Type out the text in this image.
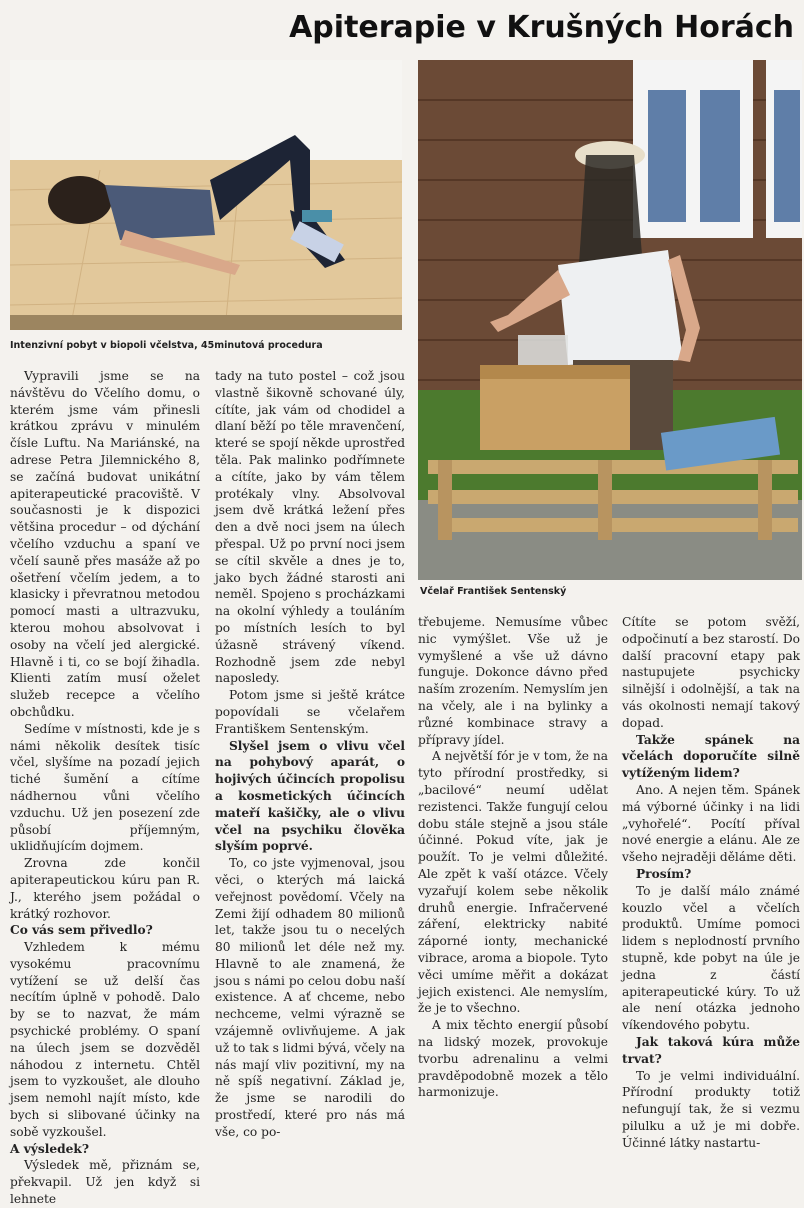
Apiterapie v Krušných Horách
Intenzivní pobyt v biopoli včelstva, 45minutová procedura
Včelař František Sentenský

Vypravili jsme se na návštěvu do Včelího domu, o kterém jsme vám přinesli krátkou zprávu v minulém čísle Luftu. Na Mariánské, na adrese Petra Jilemnického 8, se začíná budovat unikátní apiterapeutické pracoviště. V současnosti je k dispozici většina procedur – od dýchání včelího vzduchu a spaní ve včelí sauně přes masáže až po ošetření včelím jedem, a to klasicky i převratnou metodou pomocí masti a ultrazvuku, kterou mohou absolvovat i osoby na včelí jed alergické. Hlavně i ti, co se bojí žihadla. Klienti zatím musí oželet služeb recepce a včelího obchůdku.

Sedíme v místnosti, kde je s námi několik desítek tisíc včel, slyšíme na pozadí jejich tiché šumění a cítíme nádhernou vůni včelího vzduchu. Už jen posezení zde působí příjemným, uklidňujícím dojmem.

Zrovna zde končil apiterapeutickou kúru pan R. J., kterého jsem požádal o krátký rozhovor.

Co vás sem přivedlo?

Vzhledem k mému vysokému pracovnímu vytížení se už delší čas necítím úplně v pohodě. Dalo by se to nazvat, že mám psychické problémy. O spaní na úlech jsem se dozvěděl náhodou z internetu. Chtěl jsem to vyzkoušet, ale dlouho jsem nemohl najít místo, kde bych si slibované účinky na sobě vyzkoušel.

A výsledek?

Výsledek mě, přiznám se, překvapil. Už jen když si lehnete

tady na tuto postel – což jsou vlastně šikovně schované úly, cítíte, jak vám od chodidel a dlaní běží po těle mravenčení, které se spojí někde uprostřed těla. Pak malinko podřímnete a cítíte, jako by vám tělem protékaly vlny. Absolvoval jsem dvě krátká ležení přes den a dvě noci jsem na úlech přespal. Už po první noci jsem se cítil skvěle a dnes je to, jako bych žádné starosti ani neměl. Spojeno s procházkami na okolní výhledy a touláním po místních lesích to byl úžasně strávený víkend. Rozhodně jsem zde nebyl naposledy.

Potom jsme si ještě krátce popovídali se včelařem Františkem Sentenským.

Slyšel jsem o vlivu včel na pohybový aparát, o hojivých účincích propolisu a kosmetických účincích mateří kašičky, ale o vlivu včel na psychiku člověka slyším poprvé.

To, co jste vyjmenoval, jsou věci, o kterých má laická veřejnost povědomí. Včely na Zemi žijí odhadem 80 milionů let, takže jsou tu o necelých 80 milionů let déle než my. Hlavně to ale znamená, že jsou s námi po celou dobu naší existence. A ať chceme, nebo nechceme, velmi výrazně se vzájemně ovlivňujeme. A jak už to tak s lidmi bývá, včely na nás mají vliv pozitivní, my na ně spíš negativní. Základ je, že jsme se narodili do prostředí, které pro nás má vše, co po-

třebujeme. Nemusíme vůbec nic vymýšlet. Vše už je vymyšlené a vše už dávno funguje. Dokonce dávno před naším zrozením. Nemyslím jen na včely, ale i na bylinky a různé kombinace stravy a přípravy jídel.

A největší fór je v tom, že na tyto přírodní prostředky, si „bacilové“ neumí udělat rezistenci. Takže fungují celou dobu stále stejně a jsou stále účinné. Pokud víte, jak je použít. To je velmi důležité. Ale zpět k vaší otázce. Včely vyzařují kolem sebe několik druhů energie. Infračervené záření, elektricky nabité záporné ionty, mechanické vibrace, aroma a biopole. Tyto věci umíme měřit a dokázat jejich existenci. Ale nemyslím, že je to všechno.

A mix těchto energií působí na lidský mozek, provokuje tvorbu adrenalinu a velmi pravděpodobně mozek a tělo harmonizuje.

Cítíte se potom svěží, odpočinutí a bez starostí. Do další pracovní etapy pak nastupujete psychicky silnější i odolnější, a tak na vás okolnosti nemají takový dopad.

Takže spánek na včelách doporučíte silně vytíženým lidem?

Ano. A nejen těm. Spánek má výborné účinky i na lidi „vyhořelé“. Pocítí příval nové energie a elánu. Ale ze všeho nejraději děláme děti.

Prosím?

To je další málo známé kouzlo včel a včelích produktů. Umíme pomoci lidem s neplodností prvního stupně, kde pobyt na úle je jedna z částí apiterapeutické kúry. To už ale není otázka jednoho víkendového pobytu.

Jak taková kúra může trvat?

To je velmi individuální. Přírodní produkty totiž nefungují tak, že si vezmu pilulku a už je mi dobře. Účinné látky nastartu-
